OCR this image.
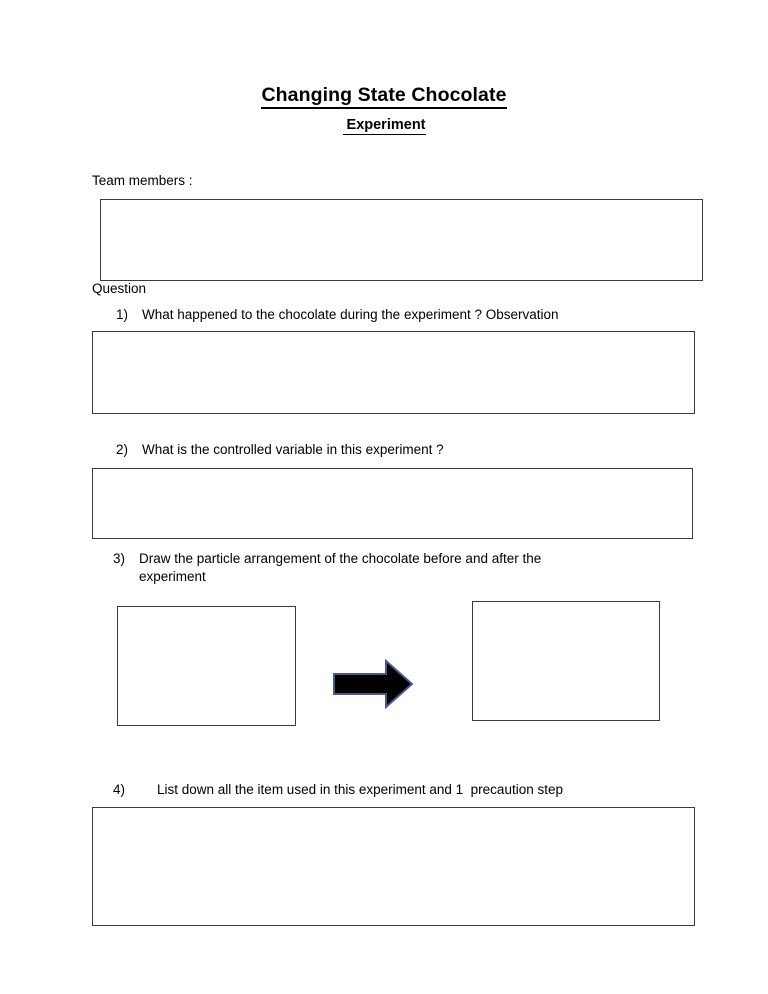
Changing State Chocolate
Experiment
Team members :
Question
1) What happened to the chocolate during the experiment ? Observation
2) What is the controlled variable in this experiment ?
3) Draw the particle arrangement of the chocolate before and after the experiment
4) List down all the item used in this experiment and 1  precaution step
